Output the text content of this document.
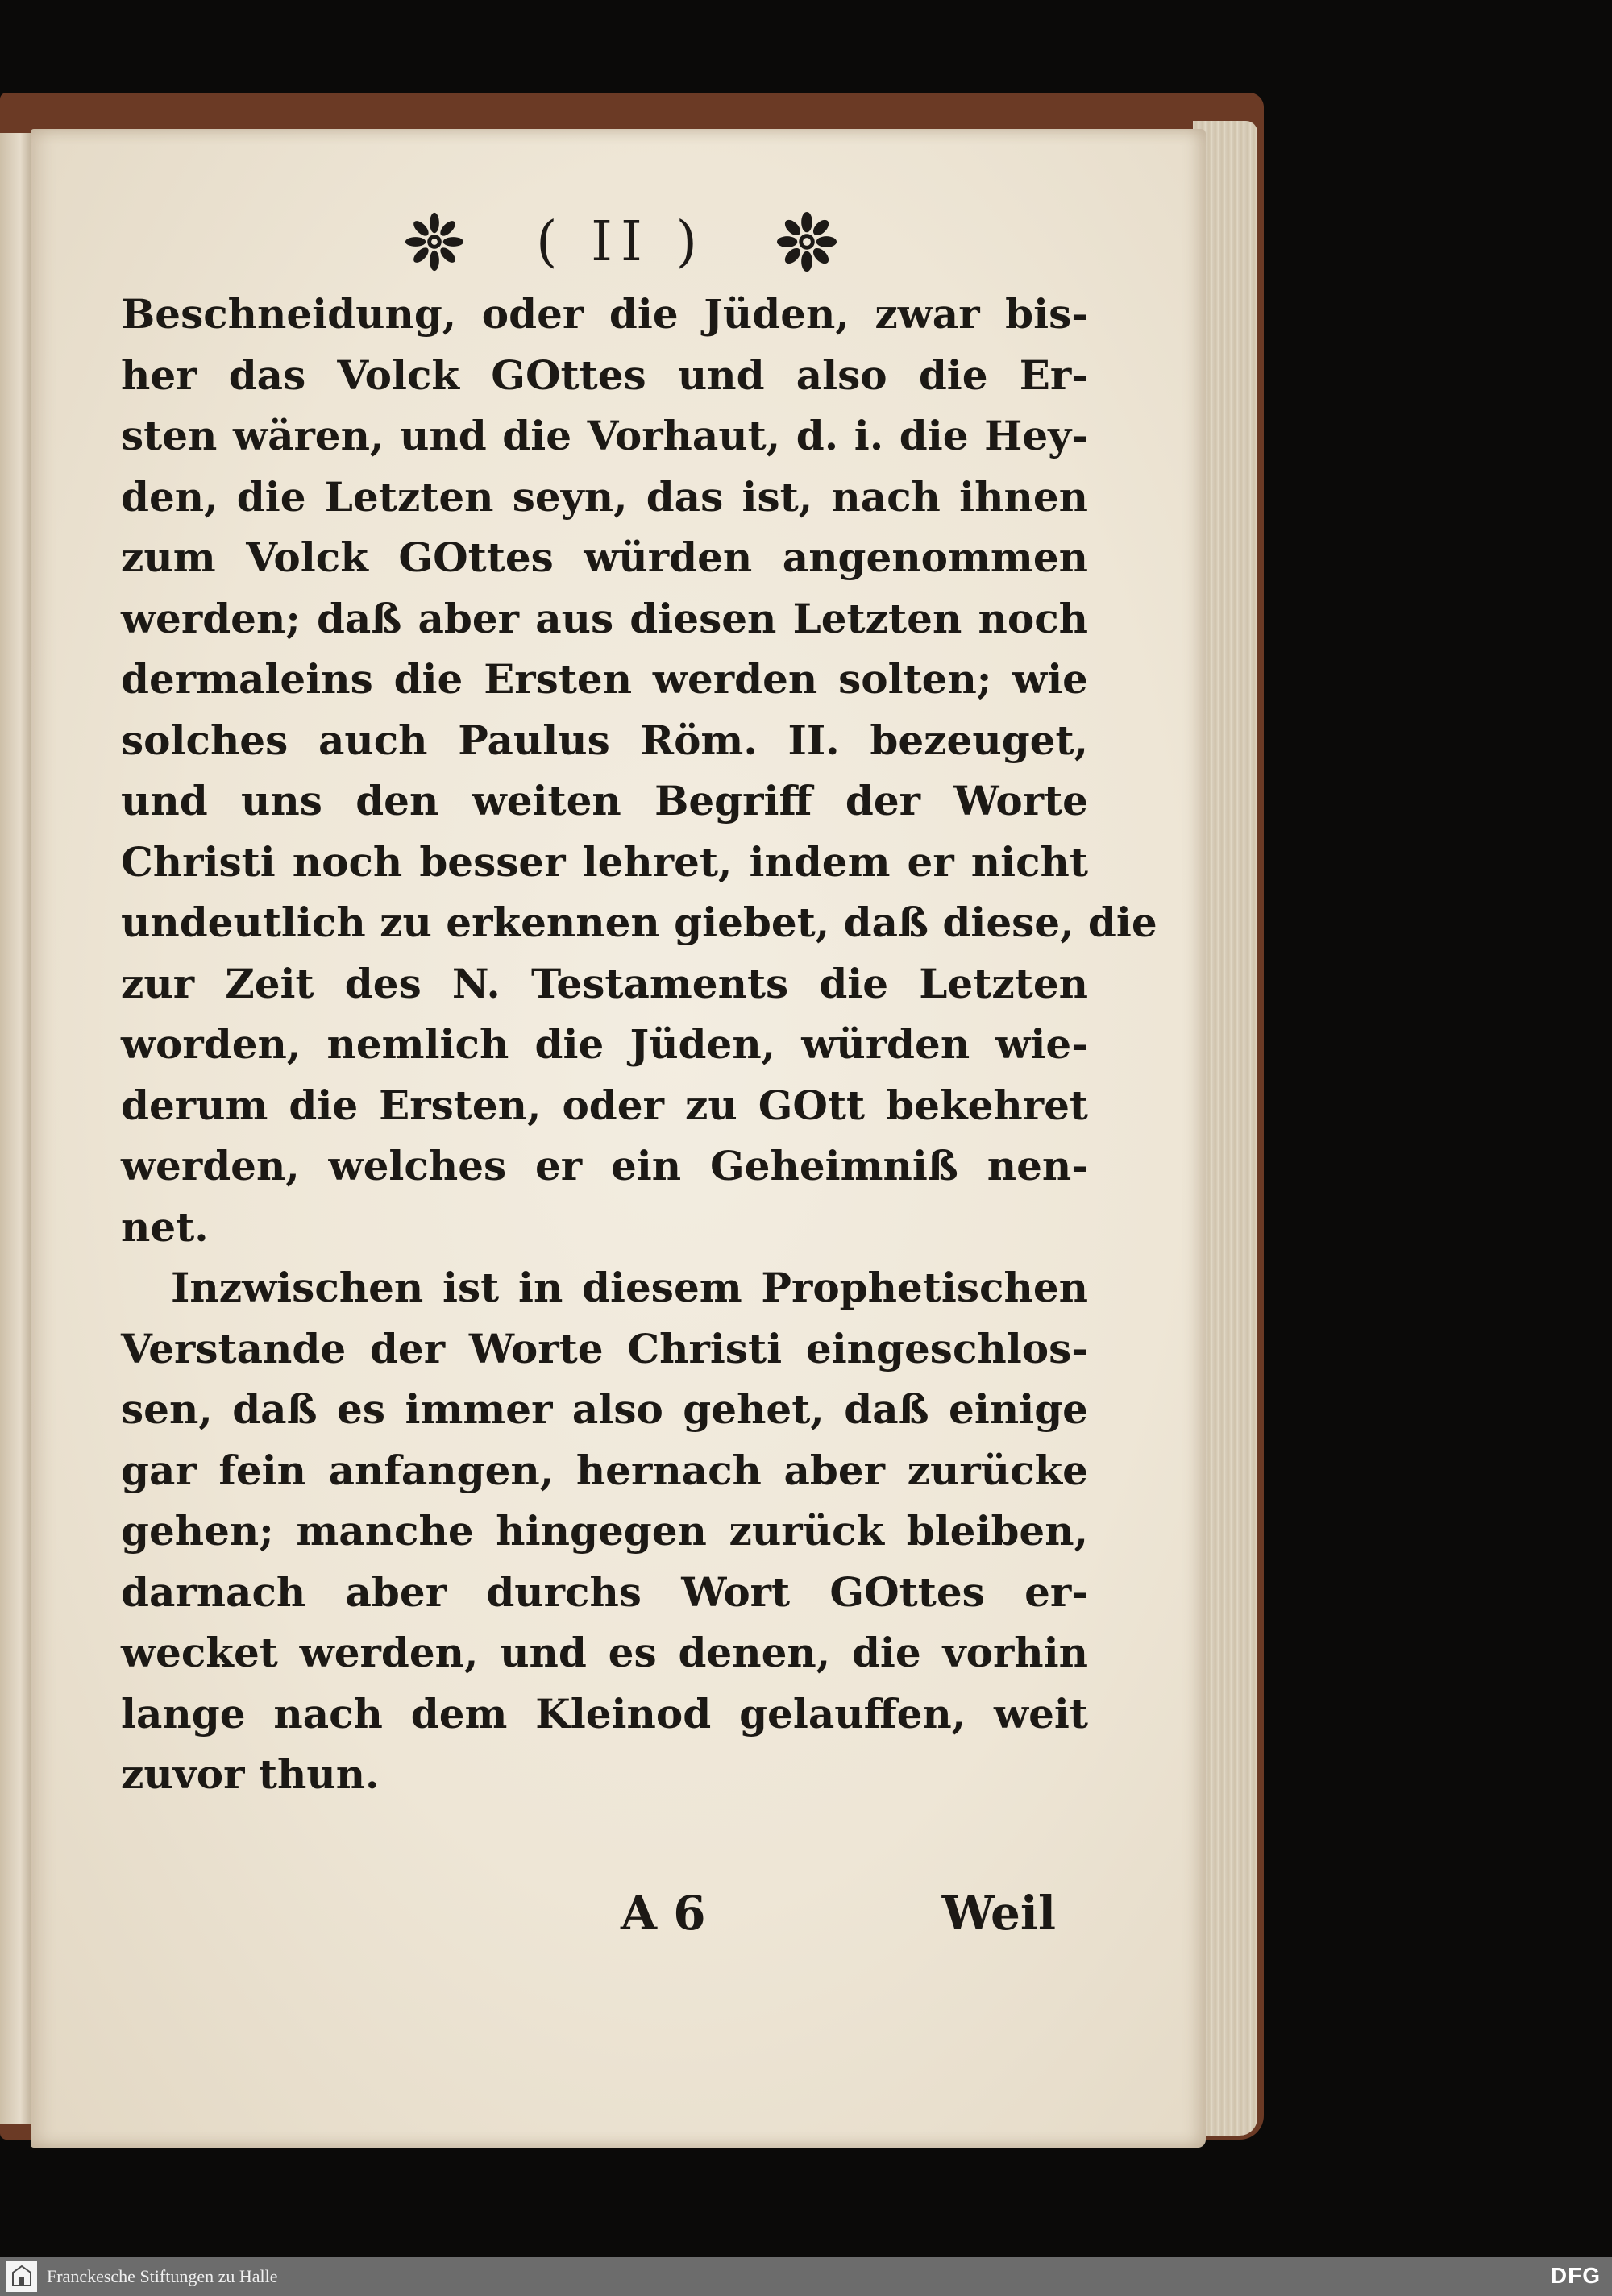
( II )
Beschneidung, oder die Jüden, zwar bis-
her das Volck GOttes und also die Er-
sten wären, und die Vorhaut, d. i. die Hey-
den, die Letzten seyn, das ist, nach ihnen
zum Volck GOttes würden angenommen
werden; daß aber aus diesen Letzten noch
dermaleins die Ersten werden solten; wie
solches auch Paulus Röm. II. bezeuget,
und uns den weiten Begriff der Worte
Christi noch besser lehret, indem er nicht
undeutlich zu erkennen giebet, daß diese, die
zur Zeit des N. Testaments die Letzten
worden, nemlich die Jüden, würden wie-
derum die Ersten, oder zu GOtt bekehret
werden, welches er ein Geheimniß nen-
net.
Inzwischen ist in diesem Prophetischen
Verstande der Worte Christi eingeschlos-
sen, daß es immer also gehet, daß einige
gar fein anfangen, hernach aber zurücke
gehen; manche hingegen zurück bleiben,
darnach aber durchs Wort GOttes er-
wecket werden, und es denen, die vorhin
lange nach dem Kleinod gelauffen, weit
zuvor thun.
A 6	Weil
Franckesche Stiftungen zu Halle	DFG
